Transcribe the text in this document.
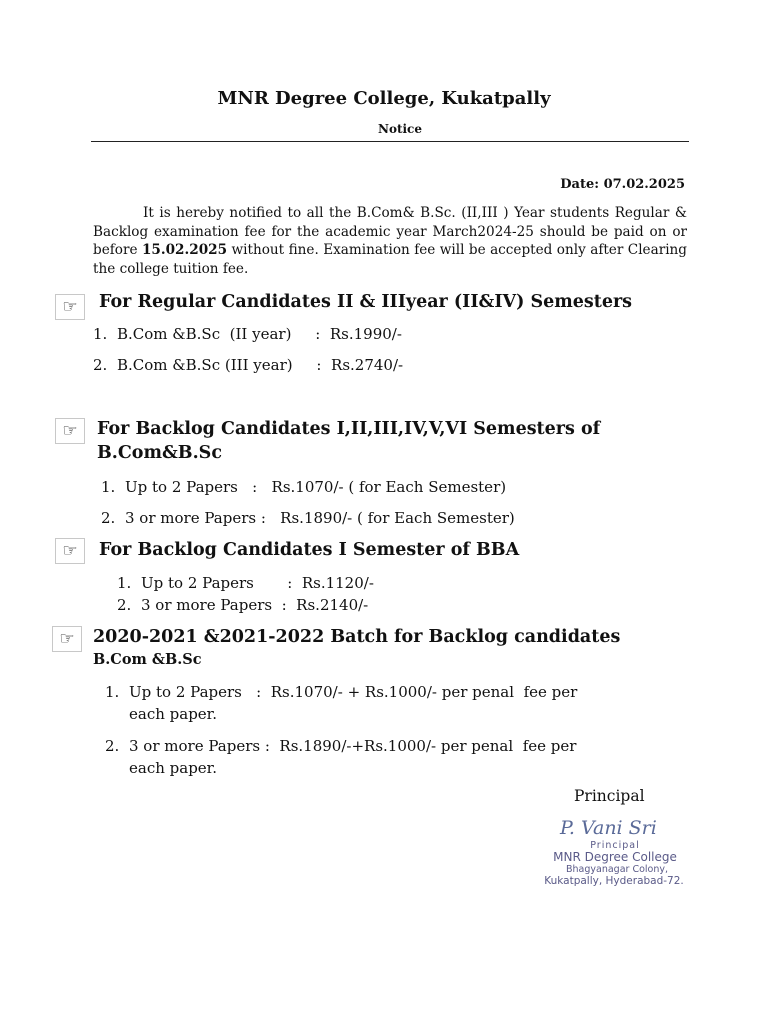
MNR Degree College, Kukatpally
Notice
Date: 07.02.2025
It is hereby notified to all the B.Com& B.Sc. (II,III ) Year students Regular & Backlog examination fee for the academic year March2024-25 should be paid on or before 15.02.2025 without fine. Examination fee will be accepted only after Clearing the college tuition fee.
☞	For Regular Candidates II & IIIyear (II&IV) Semesters
1. B.Com &B.Sc  (II year)     :  Rs.1990/-
2. B.Com &B.Sc (III year)     :  Rs.2740/-
☞	For Backlog Candidates I,II,III,IV,V,VI Semesters of
B.Com&B.Sc
1. Up to 2 Papers   :   Rs.1070/- ( for Each Semester)
2. 3 or more Papers :   Rs.1890/- ( for Each Semester)
☞	For Backlog Candidates I Semester of BBA
1. Up to 2 Papers       :  Rs.1120/-
2. 3 or more Papers  :  Rs.2140/-
☞	2020-2021 &2021-2022 Batch for Backlog candidates
B.Com &B.Sc
1. Up to 2 Papers   :  Rs.1070/- + Rs.1000/- per penal  fee per
each paper.
2. 3 or more Papers :  Rs.1890/-+Rs.1000/- per penal  fee per
each paper.
Principal
P. Vani Sri
Principal
MNR Degree College
Bhagyanagar Colony,
Kukatpally, Hyderabad-72.
